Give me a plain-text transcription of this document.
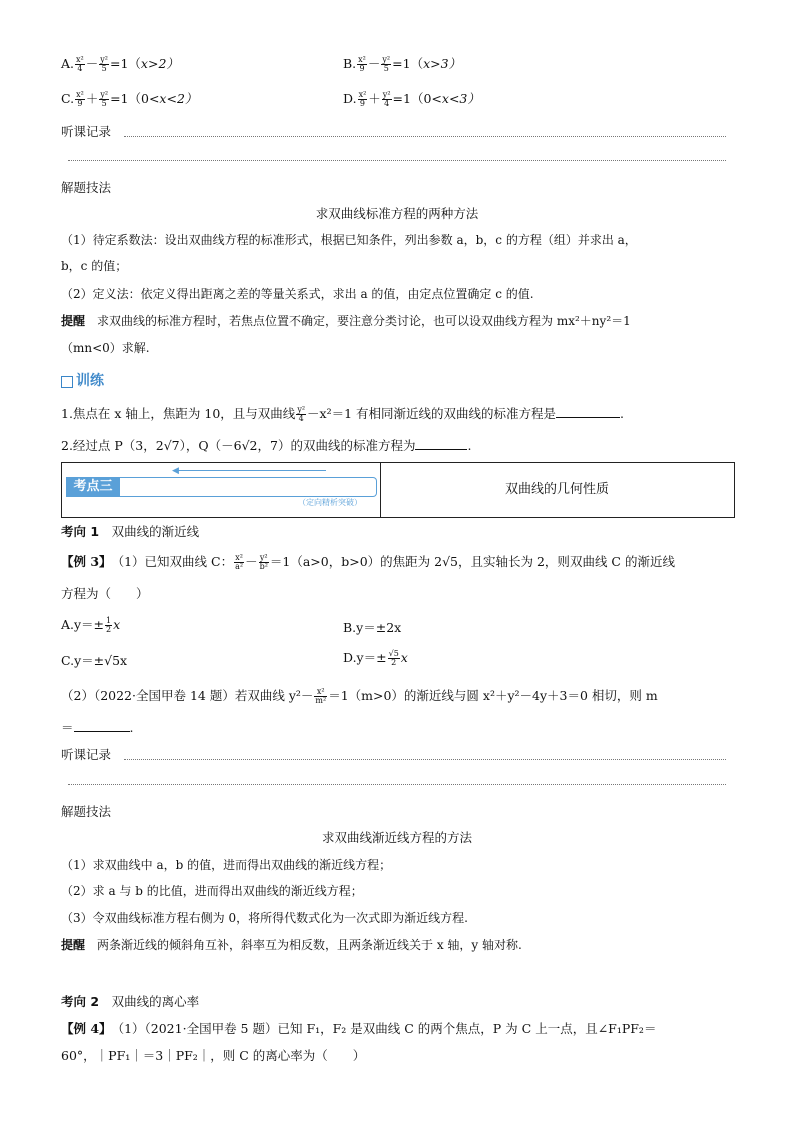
A. $\frac{\text{x²}}{4} - \frac{\text{y²}}{5} =1(x>2)$	B. $\frac{\text{x²}}{9} - \frac{\text{y²}}{5} =1(x>3)$
C. $\frac{\text{x²}}{9} + \frac{\text{y²}}{5} =1(0<x<2)$	D. $\frac{\text{x²}}{9} + \frac{\text{y²}}{4} =1(0<x<3)$
听课记录
解题技法
求双曲线标准方程的两种方法
（1）待定系数法：设出双曲线方程的标准形式，根据已知条件，列出参数 a，b，c 的方程（组）并求出 a，
b，c 的值；
（2）定义法：依定义得出距离之差的等量关系式，求出 a 的值，由定点位置确定 c 的值.
提醒　 求双曲线的标准方程时，若焦点位置不确定，要注意分类讨论，也可以设双曲线方程为 mx²＋ny²＝1
（mn<0）求解.
训练
1.焦点在 x 轴上，焦距为 10，且与双曲线 $\frac{\text{y²}}{4} -x^2=1$ 有相同渐近线的双曲线的标准方程是	.
2.经过点 P（3，2√7），Q（－6√2，7）的双曲线的标准方程为	.
考点三
◀
（定向精析突破）
双曲线的几何性质
考向 1　 双曲线的渐近线
【例 3】　 （1）已知双曲线 C： $\frac{\text{x²}}{\text{a²}} - \frac{\text{y²}}{\text{b²}} =1(a>0$，b>0）的焦距为 2√5，且实轴长为 2，则双曲线 C 的渐近线
方程为（　　）
$A.y=\pm \frac{1}{2}$ x	B.y＝±2x
C.y＝±√5x	$D.y=\pm \frac{√5}{2}$ x
（2）（2022·全国甲卷 14 题）若双曲线 $y^2- \frac{\text{x²}}{\text{m²}} =1(m>0)$的渐近线与圆 x²＋y²－4y＋3＝0 相切，则 m
＝	.
听课记录
解题技法
求双曲线渐近线方程的方法
（1）求双曲线中 a，b 的值，进而得出双曲线的渐近线方程；
（2）求 a 与 b 的比值，进而得出双曲线的渐近线方程；
（3）令双曲线标准方程右侧为 0，将所得代数式化为一次式即为渐近线方程.
提醒　 两条渐近线的倾斜角互补，斜率互为相反数，且两条渐近线关于 x 轴，y 轴对称.
考向 2　 双曲线的离心率
【例 4】　 （1）（2021·全国甲卷 5 题）已知 F₁，F₂ 是双曲线 C 的两个焦点，P 为 C 上一点，且∠F₁PF₂＝
60°，｜PF₁｜＝3｜PF₂｜，则 C 的离心率为（　　）
